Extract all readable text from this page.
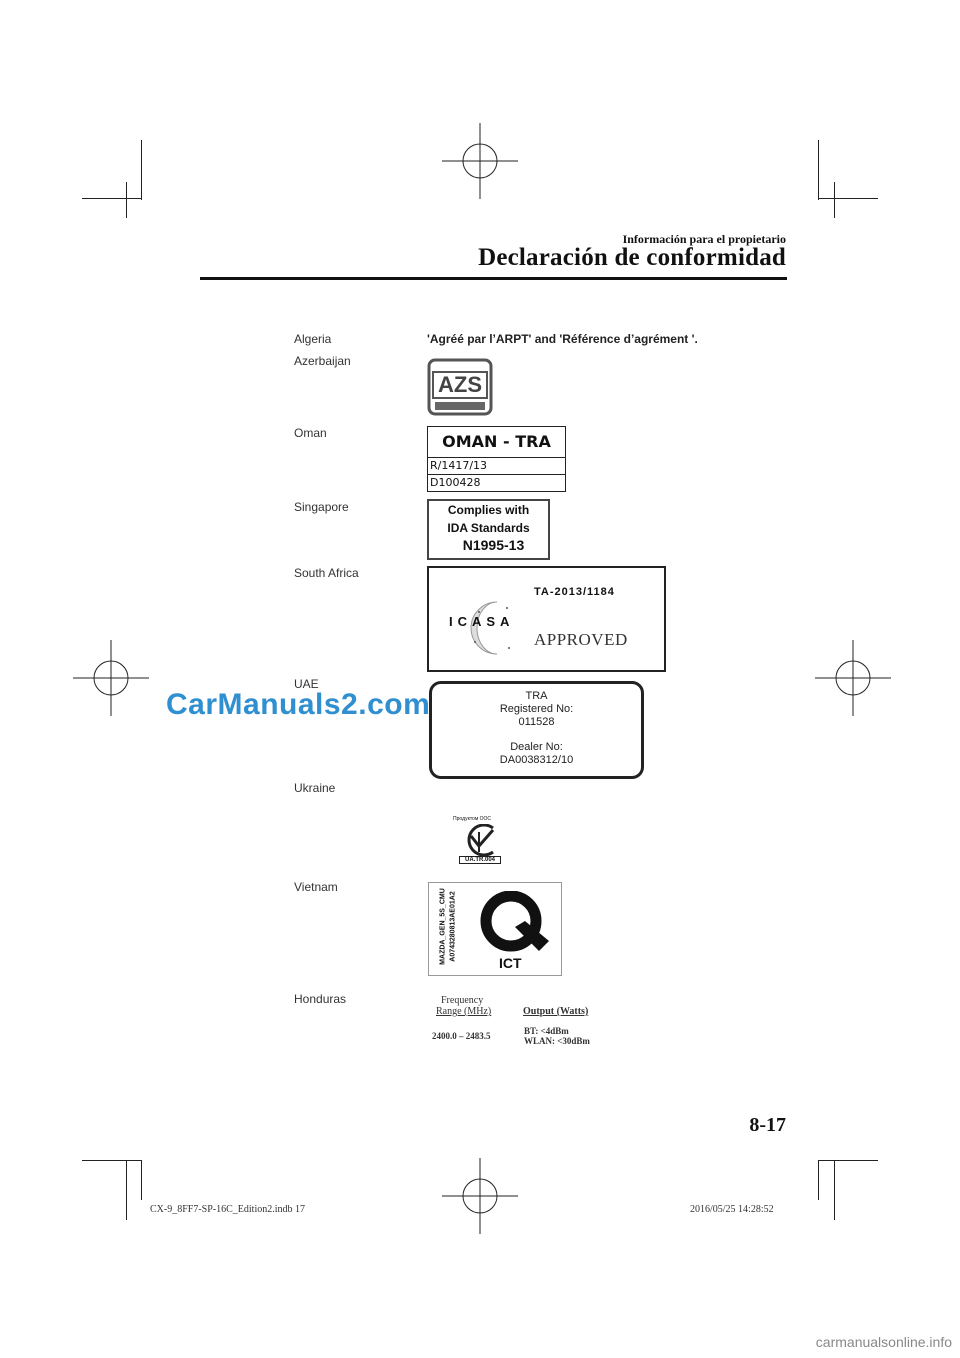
Información para el propietario
Declaración de conformidad
Algeria	'Agréé par l’ARPT' and 'Référence d’agrément '.
Azerbaijan
AZS
Oman	OMAN - TRA
R/1417/13
D100428
Singapore	Complies with
IDA Standards
N1995-13
South Africa
TA-2013/1184
ICASA
APPROVED
UAE
CarManuals2.com	TRA
Registered No:
011528
Dealer No:
DA0038312/10
Ukraine
Прoдуктом ООС
UA.TR.004
Vietnam
MAZDA_GEN_5S_CMU A0743280813AE01A2
ICT
Honduras	Frequency
Range (MHz)	Output (Watts)
2400.0 – 2483.5	BT: <4dBm
WLAN: <30dBm
8-17
CX-9_8FF7-SP-16C_Edition2.indb 17	2016/05/25 14:28:52
carmanualsonline.info
